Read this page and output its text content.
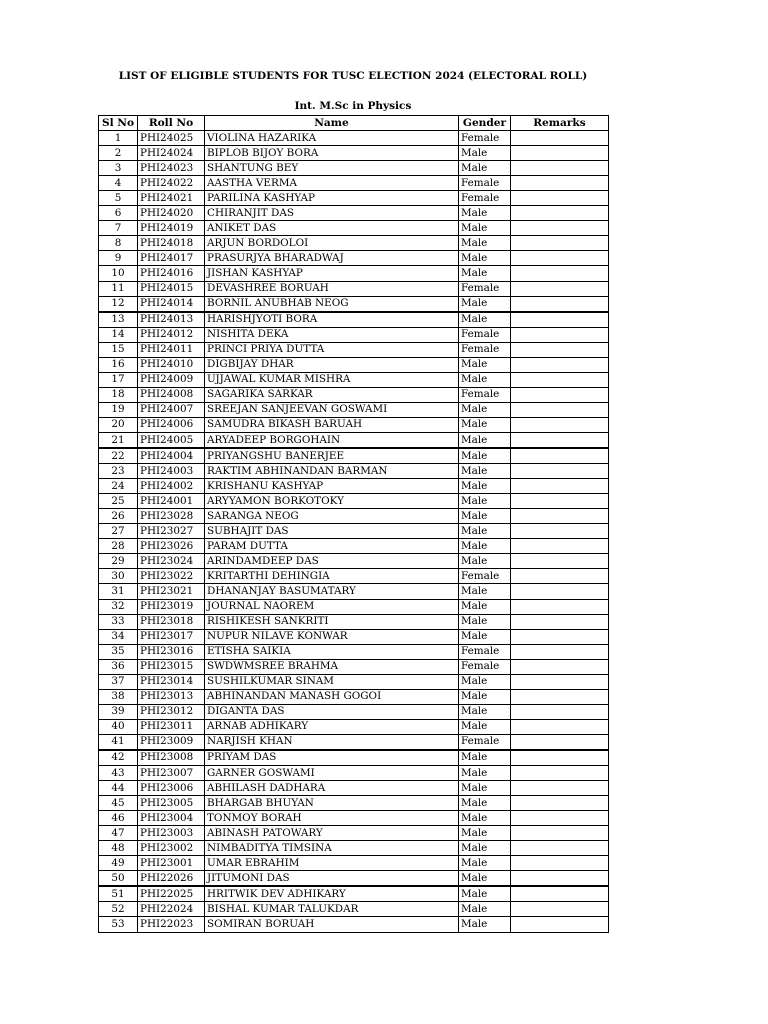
LIST OF ELIGIBLE STUDENTS FOR TUSC ELECTION 2024 (ELECTORAL ROLL)
Int. M.Sc in Physics
Sl No	Roll No	Name	Gender	Remarks
1	PHI24025	VIOLINA HAZARIKA	Female	
2	PHI24024	BIPLOB BIJOY BORA	Male	
3	PHI24023	SHANTUNG BEY	Male	
4	PHI24022	AASTHA VERMA	Female	
5	PHI24021	PARILINA KASHYAP	Female	
6	PHI24020	CHIRANJIT DAS	Male	
7	PHI24019	ANIKET DAS	Male	
8	PHI24018	ARJUN BORDOLOI	Male	
9	PHI24017	PRASURJYA BHARADWAJ	Male	
10	PHI24016	JISHAN KASHYAP	Male	
11	PHI24015	DEVASHREE BORUAH	Female	
12	PHI24014	BORNIL ANUBHAB NEOG	Male	
13	PHI24013	HARISHJYOTI BORA	Male	
14	PHI24012	NISHITA DEKA	Female	
15	PHI24011	PRINCI PRIYA DUTTA	Female	
16	PHI24010	DIGBIJAY DHAR	Male	
17	PHI24009	UJJAWAL KUMAR MISHRA	Male	
18	PHI24008	SAGARIKA SARKAR	Female	
19	PHI24007	SREEJAN SANJEEVAN GOSWAMI	Male	
20	PHI24006	SAMUDRA BIKASH BARUAH	Male	
21	PHI24005	ARYADEEP BORGOHAIN	Male	
22	PHI24004	PRIYANGSHU BANERJEE	Male	
23	PHI24003	RAKTIM ABHINANDAN BARMAN	Male	
24	PHI24002	KRISHANU KASHYAP	Male	
25	PHI24001	ARYYAMON BORKOTOKY	Male	
26	PHI23028	SARANGA NEOG	Male	
27	PHI23027	SUBHAJIT DAS	Male	
28	PHI23026	PARAM DUTTA	Male	
29	PHI23024	ARINDAMDEEP DAS	Male	
30	PHI23022	KRITARTHI DEHINGIA	Female	
31	PHI23021	DHANANJAY BASUMATARY	Male	
32	PHI23019	JOURNAL NAOREM	Male	
33	PHI23018	RISHIKESH SANKRITI	Male	
34	PHI23017	NUPUR NILAVE KONWAR	Male	
35	PHI23016	ETISHA SAIKIA	Female	
36	PHI23015	SWDWMSREE BRAHMA	Female	
37	PHI23014	SUSHILKUMAR SINAM	Male	
38	PHI23013	ABHINANDAN MANASH GOGOI	Male	
39	PHI23012	DIGANTA DAS	Male	
40	PHI23011	ARNAB ADHIKARY	Male	
41	PHI23009	NARJISH KHAN	Female	
42	PHI23008	PRIYAM DAS	Male	
43	PHI23007	GARNER GOSWAMI	Male	
44	PHI23006	ABHILASH DADHARA	Male	
45	PHI23005	BHARGAB BHUYAN	Male	
46	PHI23004	TONMOY BORAH	Male	
47	PHI23003	ABINASH PATOWARY	Male	
48	PHI23002	NIMBADITYA TIMSINA	Male	
49	PHI23001	UMAR EBRAHIM	Male	
50	PHI22026	JITUMONI DAS	Male	
51	PHI22025	HRITWIK DEV ADHIKARY	Male	
52	PHI22024	BISHAL KUMAR TALUKDAR	Male	
53	PHI22023	SOMIRAN BORUAH	Male	
